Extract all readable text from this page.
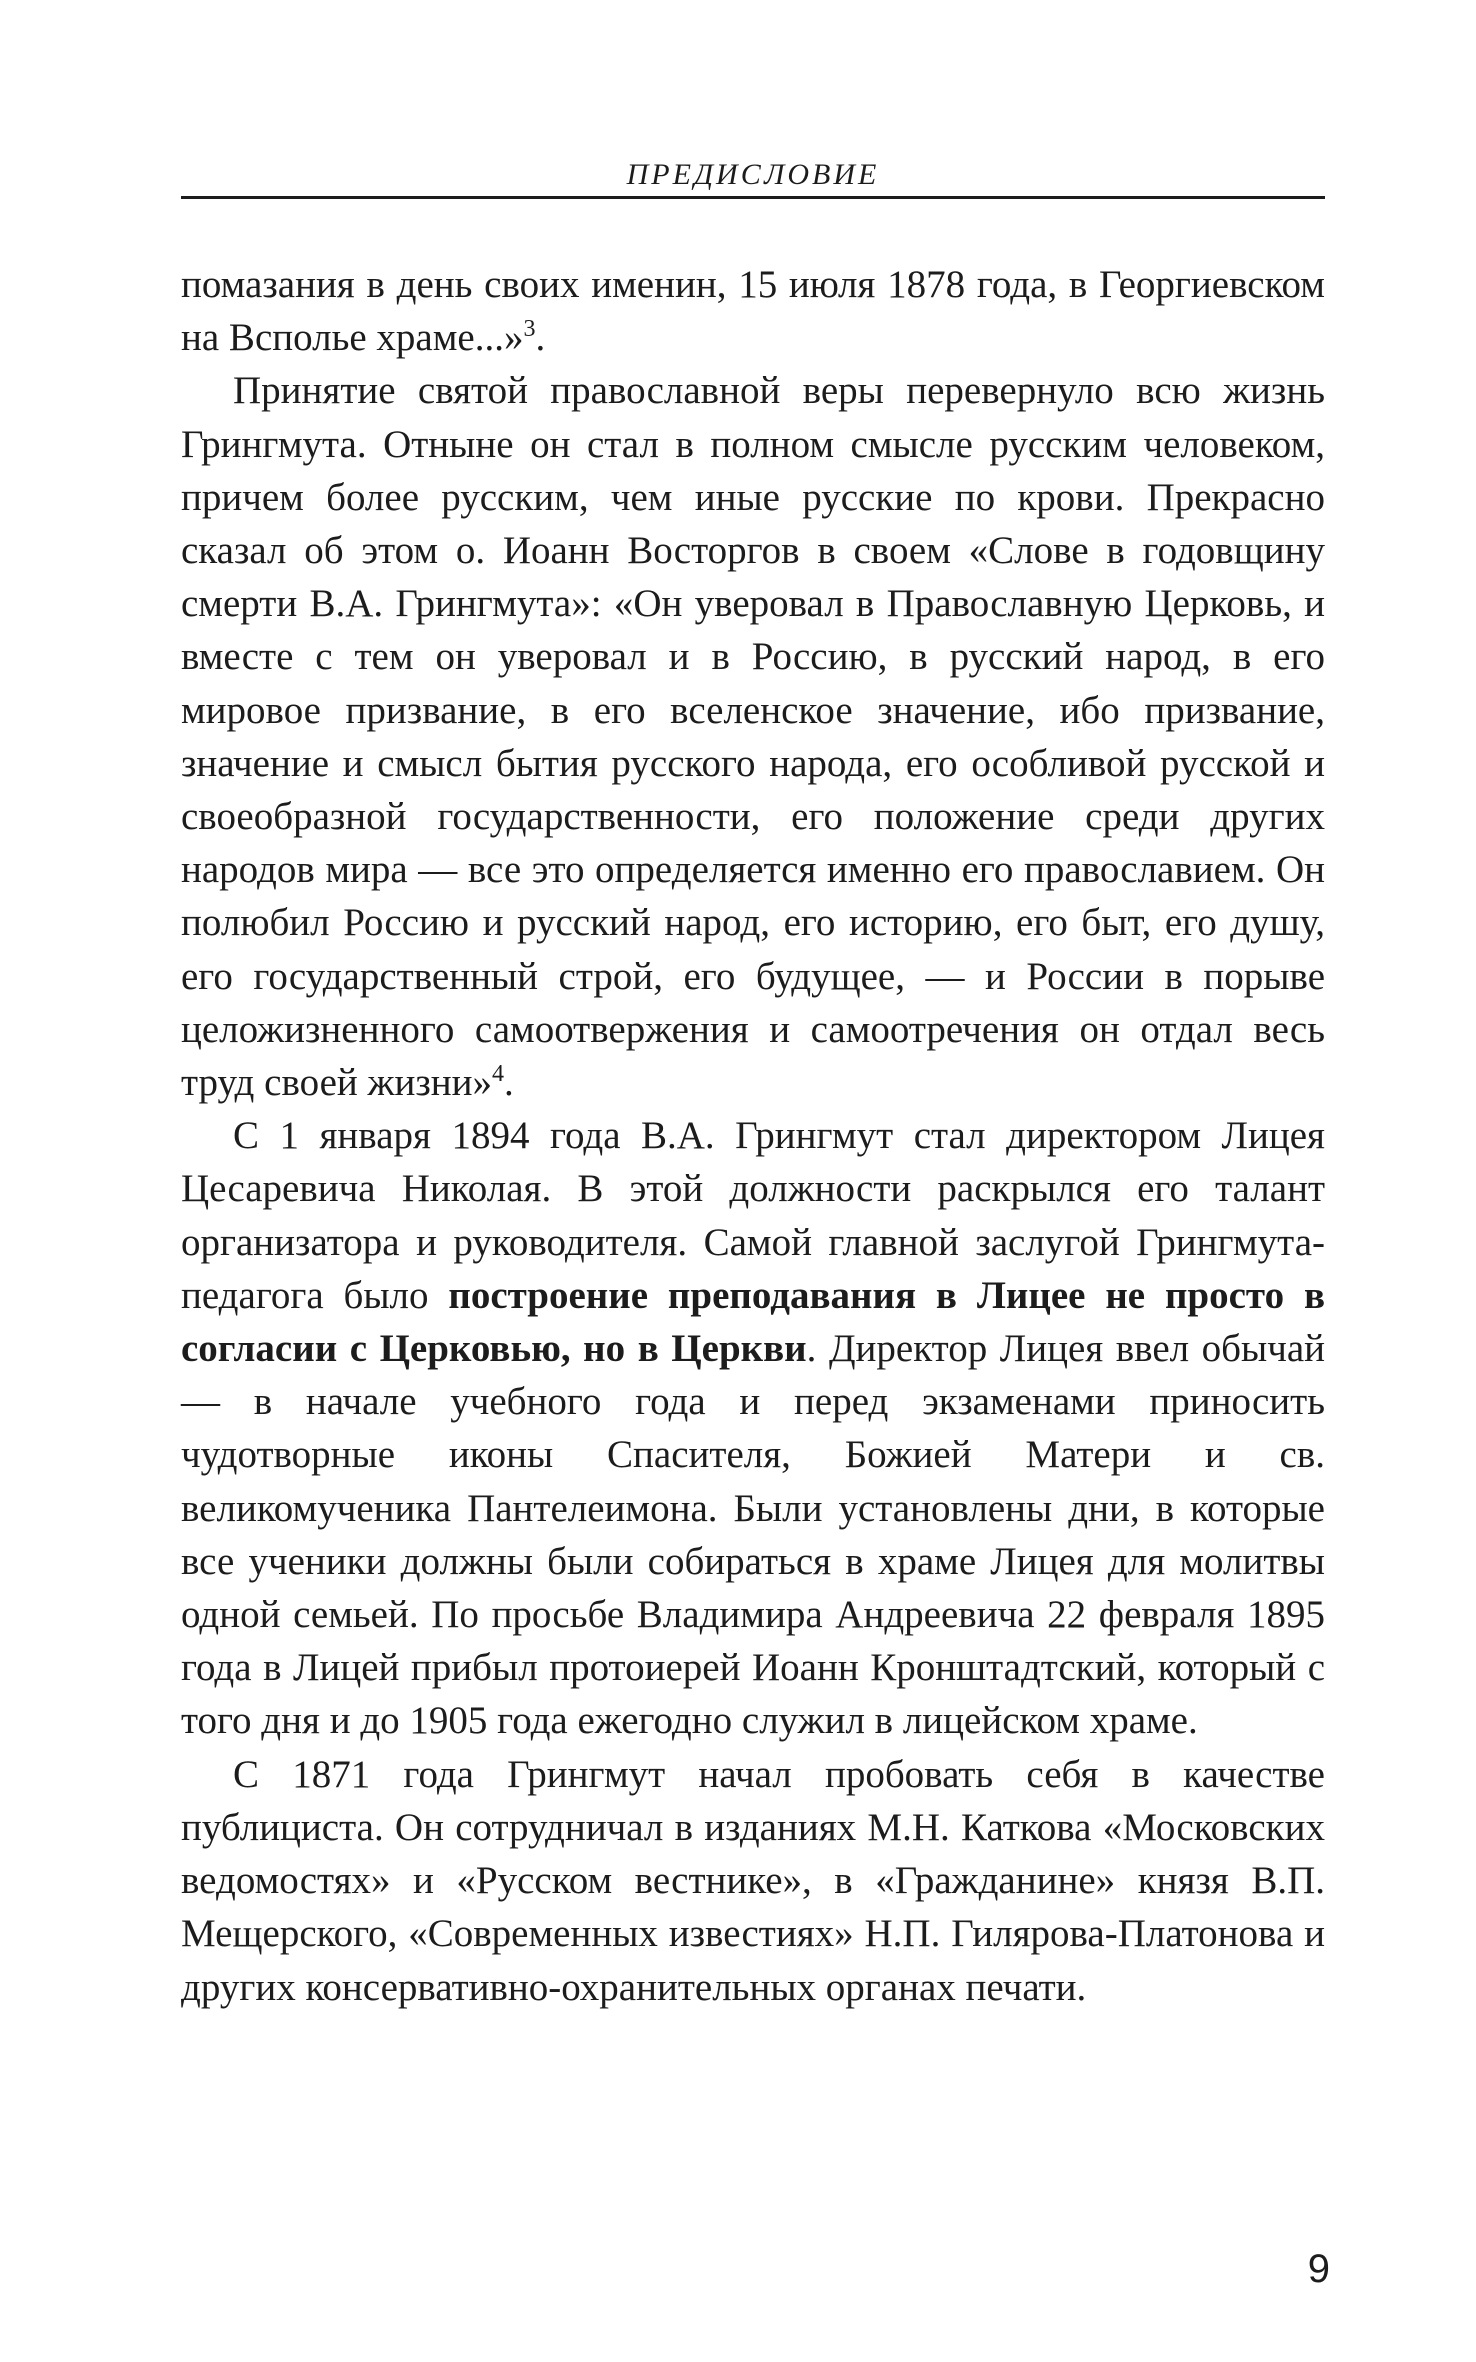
ПРЕДИСЛОВИЕ

помазания в день своих именин, 15 июля 1878 года, в Георгиевском на Всполье храме...»$^3$.

Принятие святой православной веры перевернуло всю жизнь Грингмута. Отныне он стал в полном смысле русским человеком, причем более русским, чем иные русские по крови. Прекрасно сказал об этом о. Иоанн Восторгов в своем «Слове в годовщину смерти В.А. Грингмута»: «Он уверовал в Православную Церковь, и вместе с тем он уверовал и в Россию, в русский народ, в его мировое призвание, в его вселенское значение, ибо призвание, значение и смысл бытия русского народа, его особливой русской и своеобразной государственности, его положение среди других народов мира — все это определяется именно его православием. Он полюбил Россию и русский народ, его историю, его быт, его душу, его государственный строй, его будущее, — и России в порыве целожизненного самоотвержения и самоотречения он отдал весь труд своей жизни»$^4$.

С 1 января 1894 года В.А. Грингмут стал директором Лицея Цесаревича Николая. В этой должности раскрылся его талант организатора и руководителя. Самой главной заслугой Грингмута-педагога было построение преподавания в Лицее не просто в согласии с Церковью, но в Церкви. Директор Лицея ввел обычай — в начале учебного года и перед экзаменами приносить чудотворные иконы Спасителя, Божией Матери и св. великомученика Пантелеимона. Были установлены дни, в которые все ученики должны были собираться в храме Лицея для молитвы одной семьей. По просьбе Владимира Андреевича 22 февраля 1895 года в Лицей прибыл протоиерей Иоанн Кронштадтский, который с того дня и до 1905 года ежегодно служил в лицейском храме.

С 1871 года Грингмут начал пробовать себя в качестве публициста. Он сотрудничал в изданиях М.Н. Каткова «Московских ведомостях» и «Русском вестнике», в «Гражданине» князя В.П. Мещерского, «Современных известиях» Н.П. Гилярова-Платонова и других консервативно-охранительных органах печати.

9
